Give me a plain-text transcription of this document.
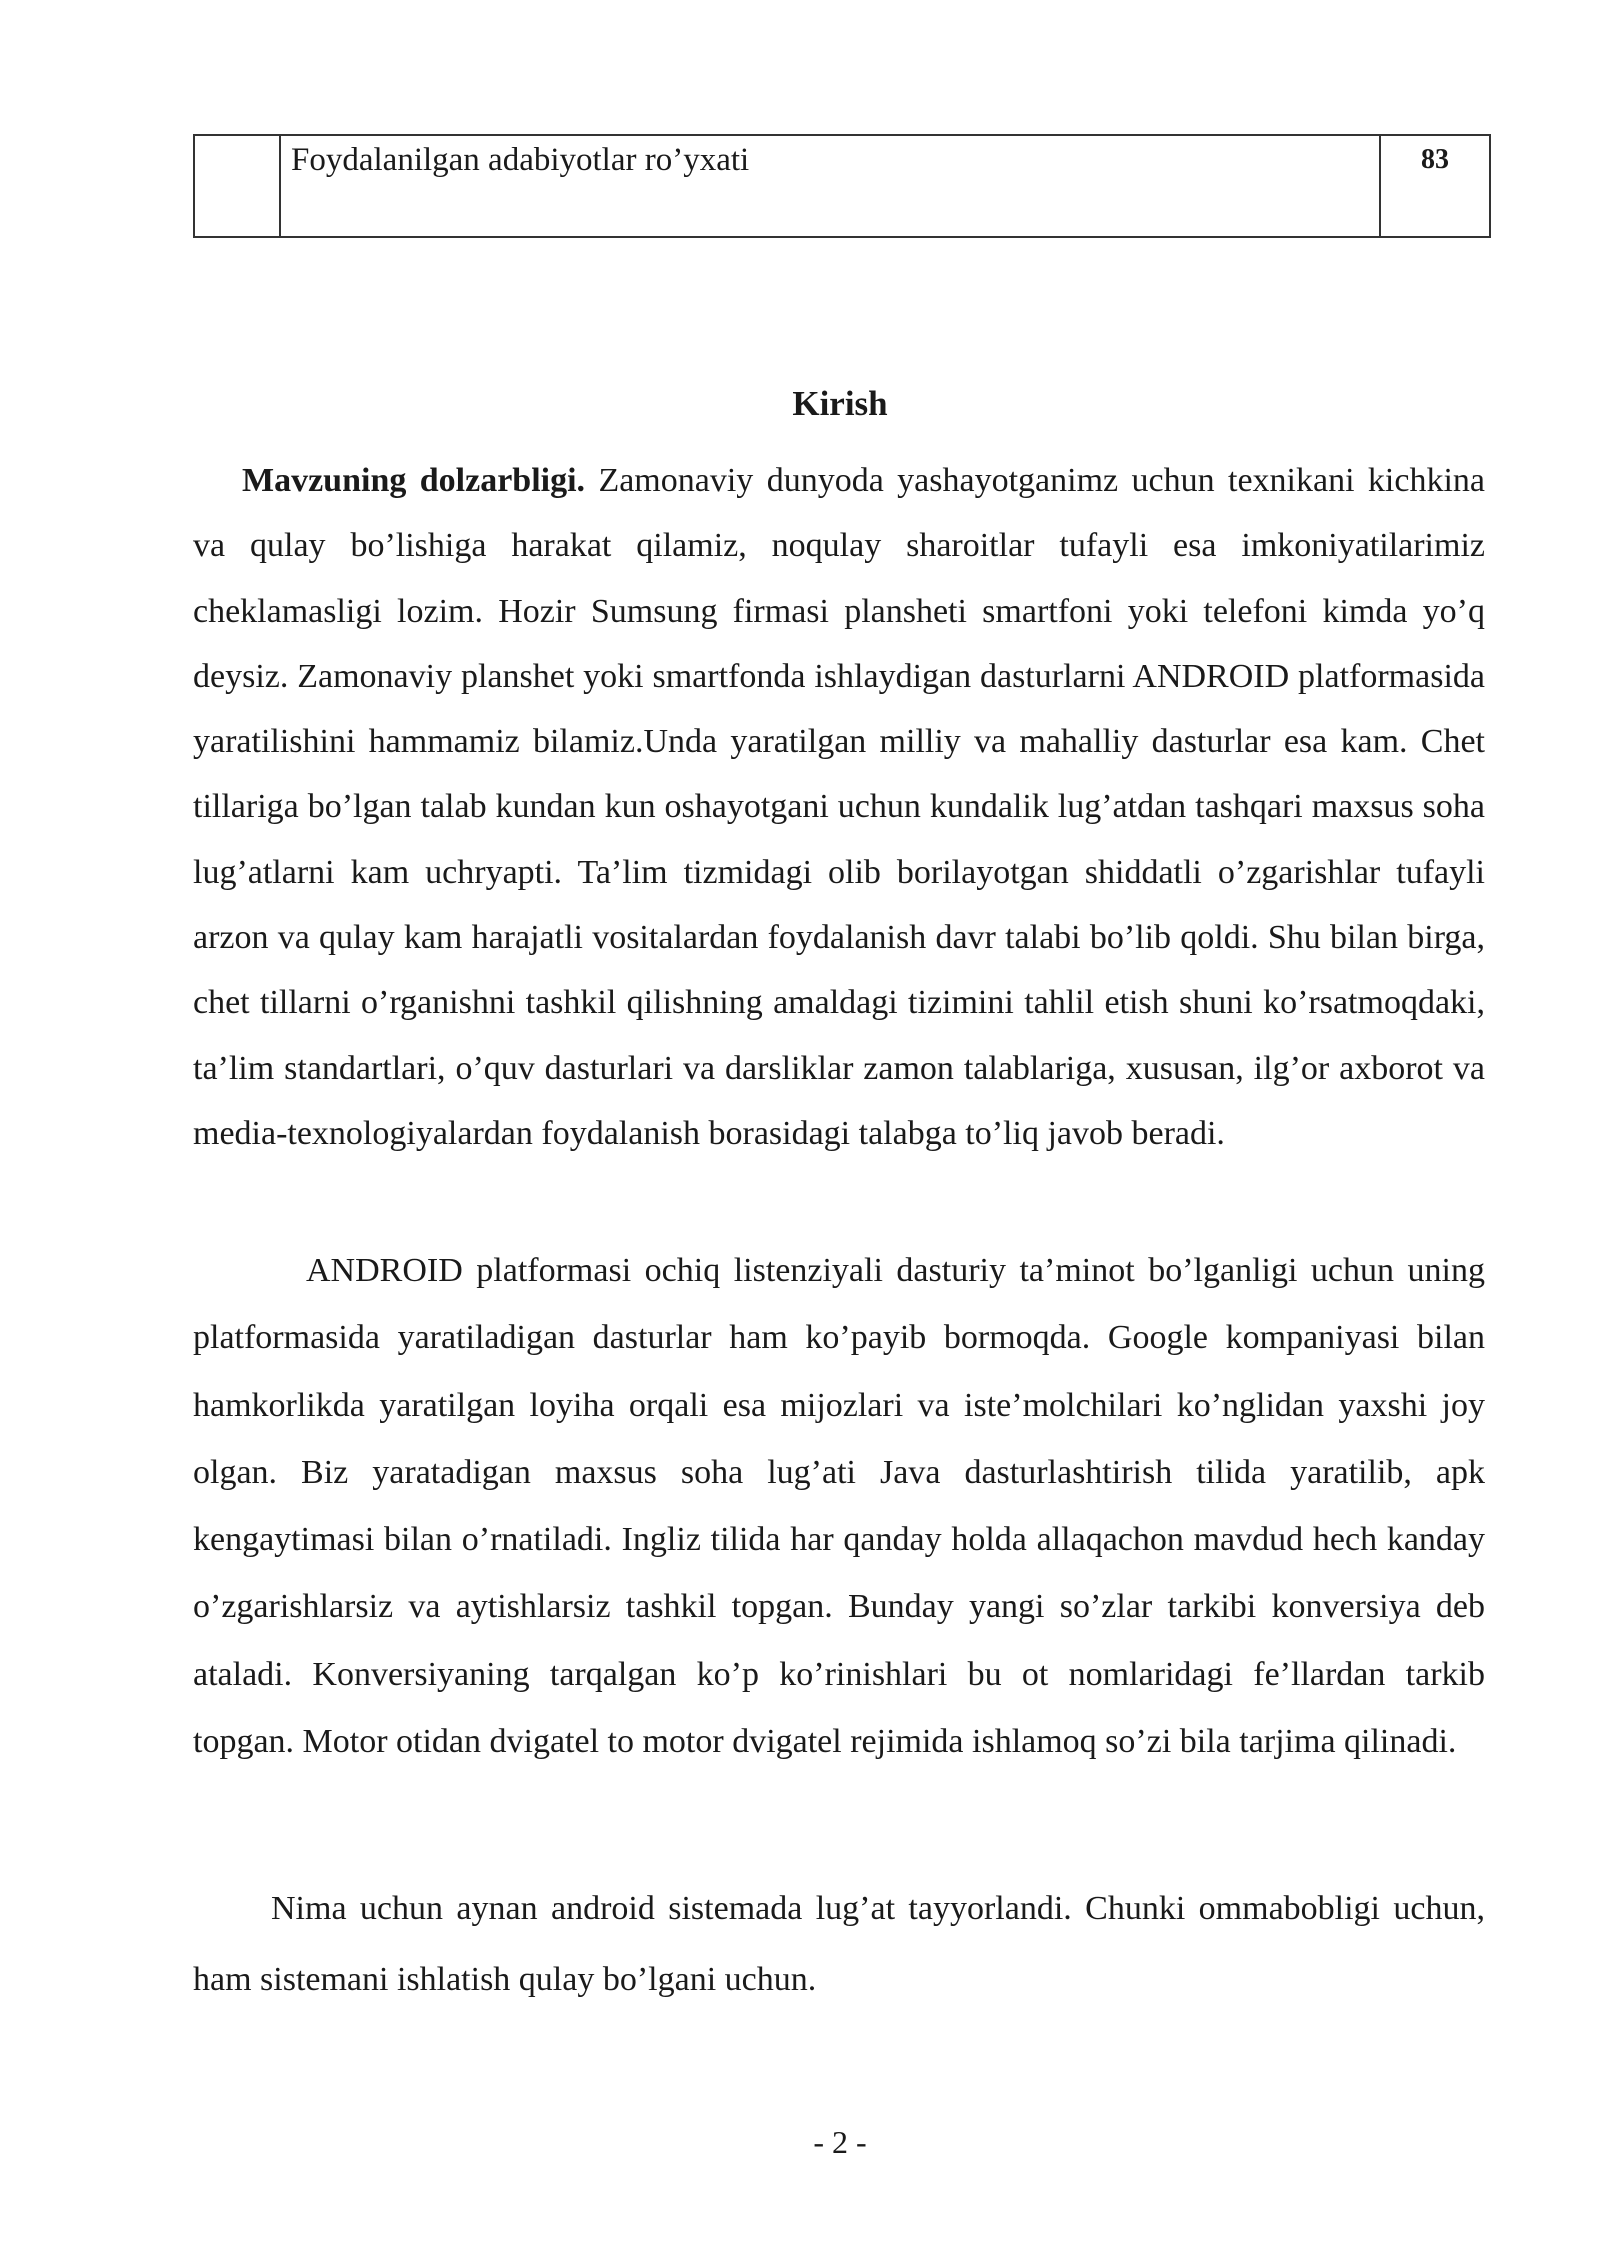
	Foydalanilgan adabiyotlar ro’yxati	83
Kirish

Mavzuning dolzarbligi. Zamonaviy dunyoda yashayotganimz uchun texnikani kichkina va qulay bo’lishiga harakat qilamiz, noqulay sharoitlar tufayli esa imkoniyatilarimiz cheklamasligi lozim. Hozir Sumsung firmasi plansheti smartfoni yoki telefoni kimda yo’q deysiz. Zamonaviy planshet yoki smartfonda ishlaydigan dasturlarni ANDROID platformasida yaratilishini hammamiz bilamiz.Unda yaratilgan milliy va mahalliy dasturlar esa kam. Chet tillariga bo’lgan talab kundan kun oshayotgani uchun kundalik lug’atdan tashqari maxsus soha lug’atlarni kam uchryapti. Ta’lim tizmidagi olib borilayotgan shiddatli o’zgarishlar tufayli arzon va qulay kam harajatli vositalardan foydalanish davr talabi bo’lib qoldi. Shu bilan birga, chet tillarni o’rganishni tashkil qilishning amaldagi tizimini tahlil etish shuni ko’rsatmoqdaki, ta’lim standartlari, o’quv dasturlari va darsliklar zamon talablariga, xususan, ilg’or axborot va media-texnologiyalardan foydalanish borasidagi talabga to’liq javob beradi.

ANDROID platformasi ochiq listenziyali dasturiy ta’minot bo’lganligi uchun uning platformasida yaratiladigan dasturlar ham ko’payib bormoqda. Google kompaniyasi bilan hamkorlikda yaratilgan loyiha orqali esa mijozlari va iste’molchilari ko’nglidan yaxshi joy olgan. Biz yaratadigan maxsus soha lug’ati Java dasturlashtirish tilida yaratilib, apk kengaytimasi bilan o’rnatiladi. Ingliz tilida har qanday holda allaqachon mavdud hech kanday o’zgarishlarsiz va aytishlarsiz tashkil topgan. Bunday yangi so’zlar tarkibi konversiya deb ataladi. Konversiyaning tarqalgan ko’p ko’rinishlari bu ot nomlaridagi fe’llardan tarkib topgan. Motor otidan dvigatel to motor dvigatel rejimida ishlamoq so’zi bila tarjima qilinadi.

Nima uchun aynan android sistemada lug’at tayyorlandi. Chunki ommabobligi uchun, ham sistemani ishlatish qulay bo’lgani uchun.

- 2 -
